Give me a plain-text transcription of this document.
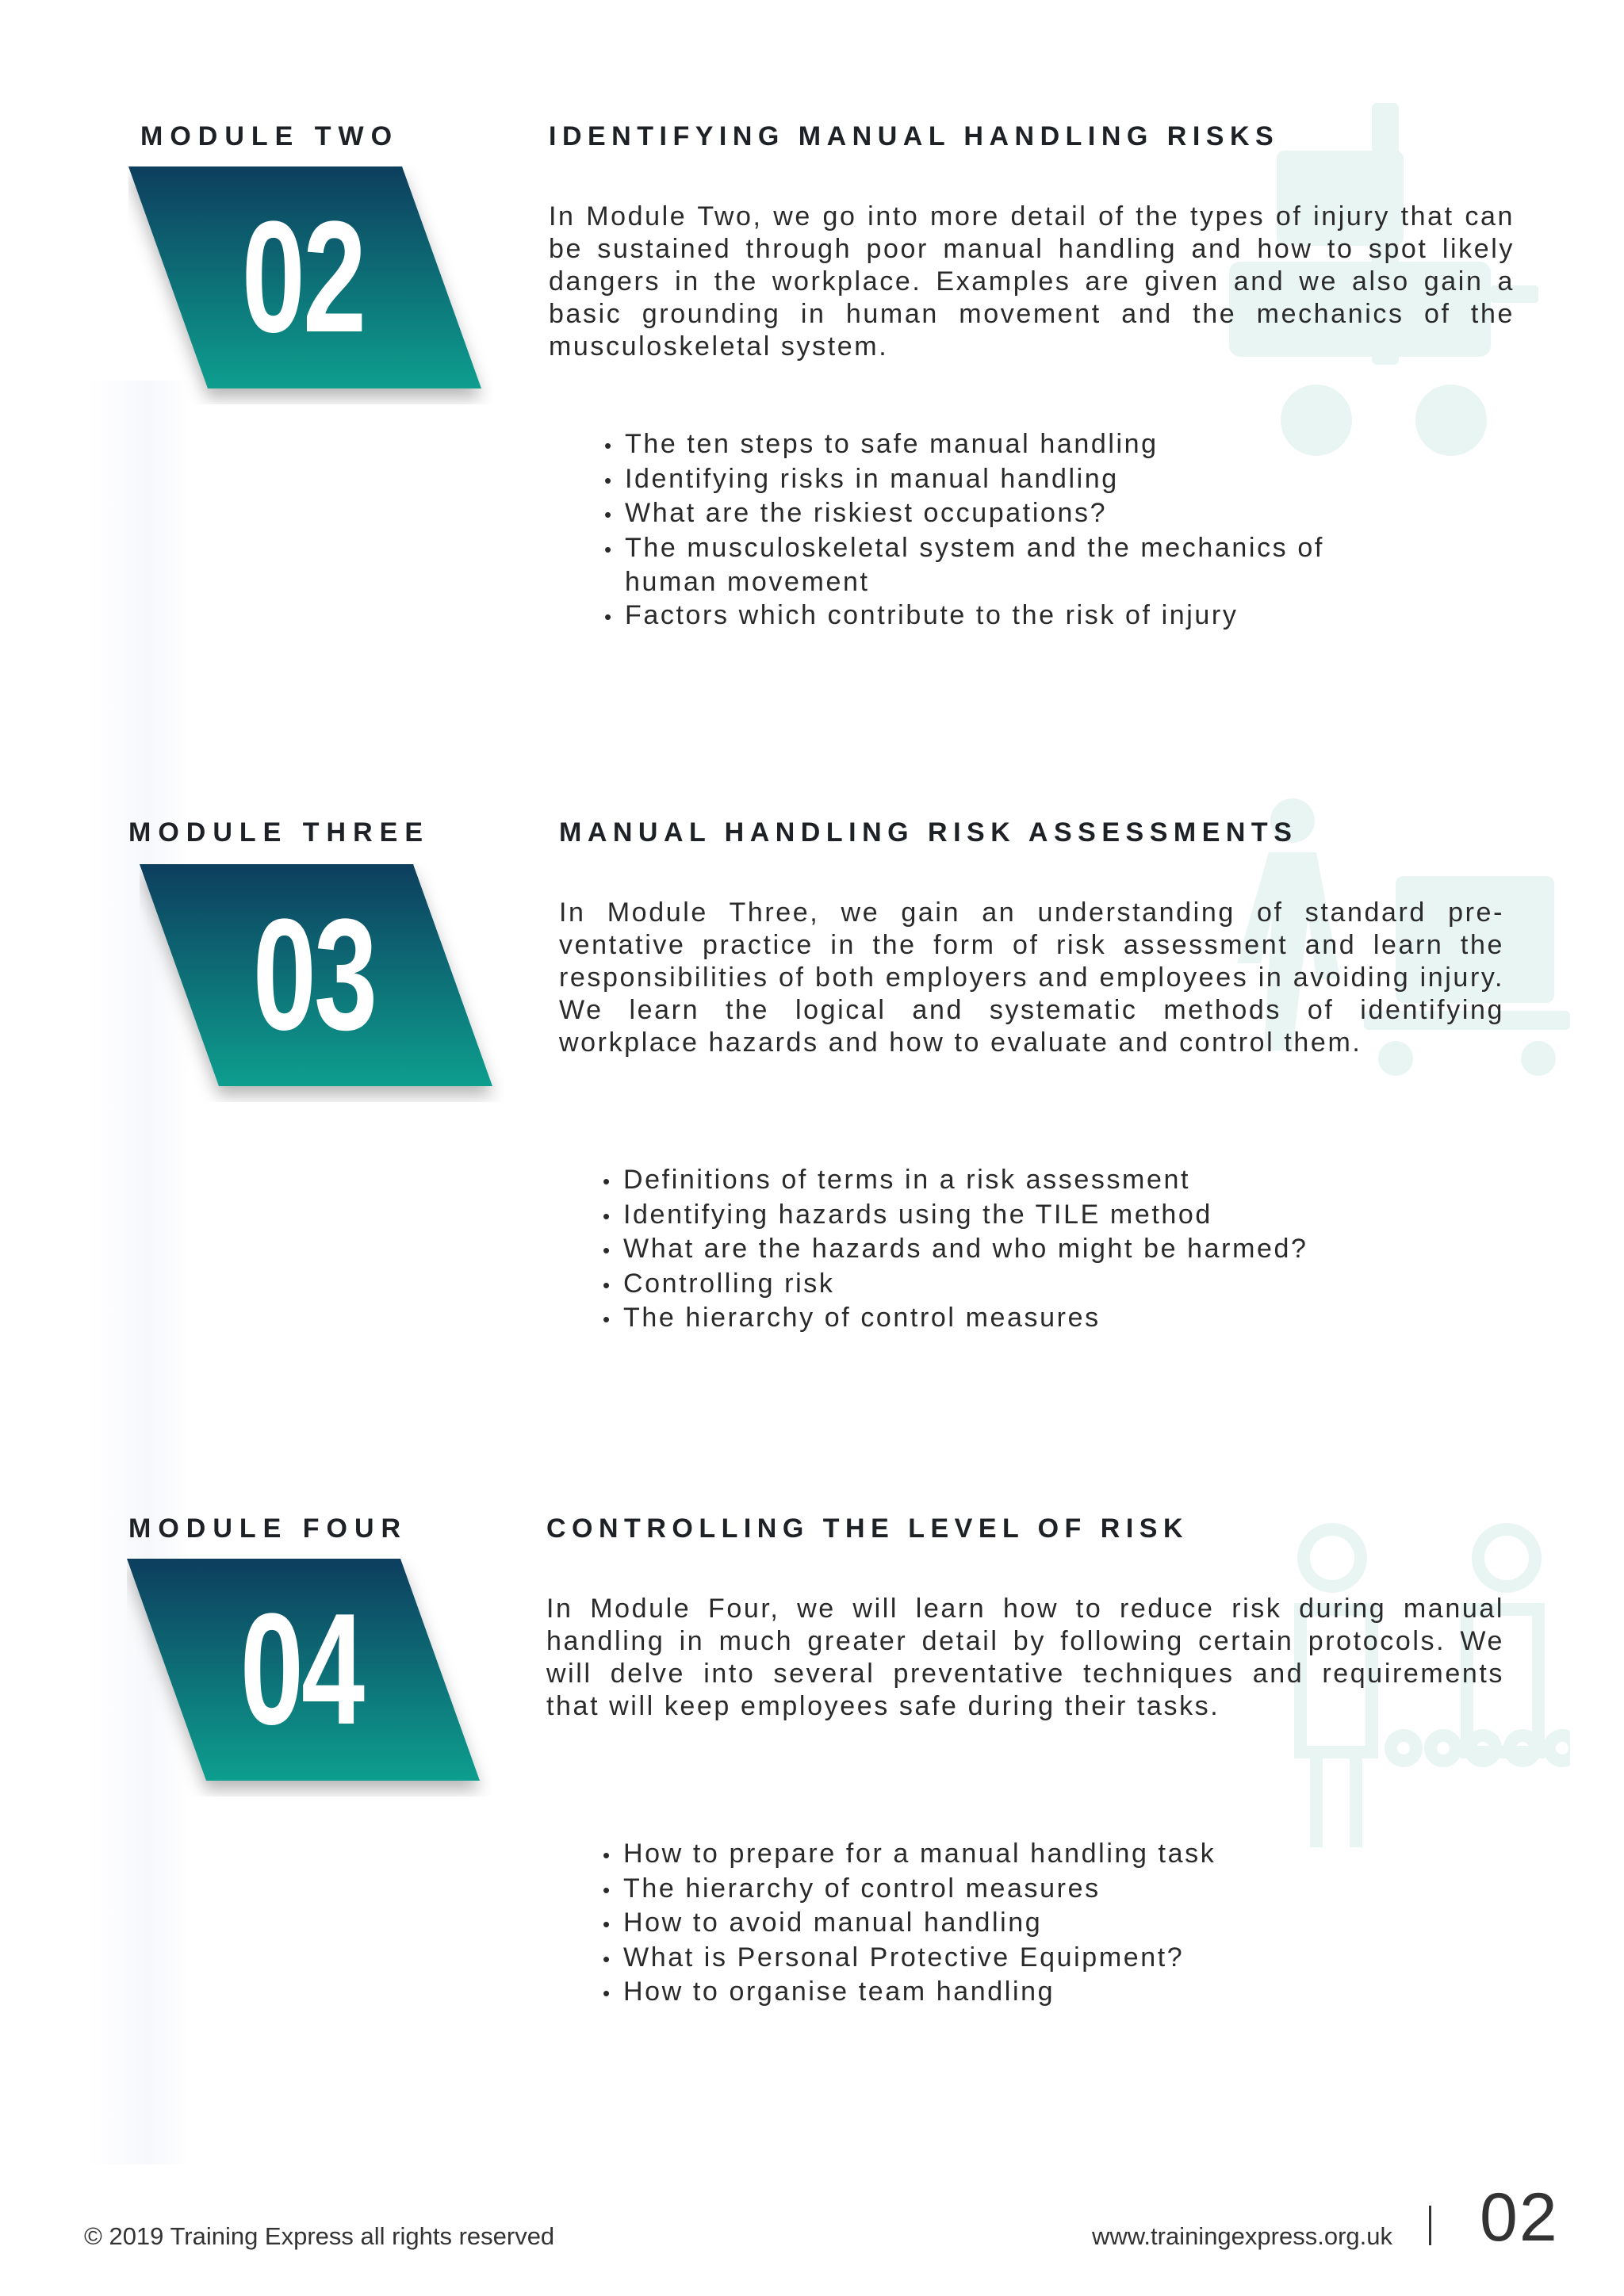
MODULE TWO
02
IDENTIFYING MANUAL HANDLING RISKS

In Module Two, we go into more detail of the types of injury that can be sustained through poor manual handling and how to spot likely dangers in the workplace. Examples are given and we also gain a basic grounding in human movement and the mechanics of the musculoskeletal system.

• The ten steps to safe manual handling
• Identifying risks in manual handling
• What are the riskiest occupations?
• The musculoskeletal system and the mechanics of human movement
• Factors which contribute to the risk of injury
MODULE THREE
03
MANUAL HANDLING RISK ASSESSMENTS

In Module Three, we gain an understanding of standard pre-ventative practice in the form of risk assessment and learn the responsibilities of both employers and employees in avoiding injury. We learn the logical and systematic methods of identifying workplace hazards and how to evaluate and control them.

• Definitions of terms in a risk assessment
• Identifying hazards using the TILE method
• What are the hazards and who might be harmed?
• Controlling risk
• The hierarchy of control measures
MODULE FOUR
04
CONTROLLING THE LEVEL OF RISK

In Module Four, we will learn how to reduce risk during manual handling in much greater detail by following certain protocols. We will delve into several preventative techniques and requirements that will keep employees safe during their tasks.

• How to prepare for a manual handling task
• The hierarchy of control measures
• How to avoid manual handling
• What is Personal Protective Equipment?
• How to organise team handling
© 2019 Training Express all rights reserved	www.trainingexpress.org.uk 02
